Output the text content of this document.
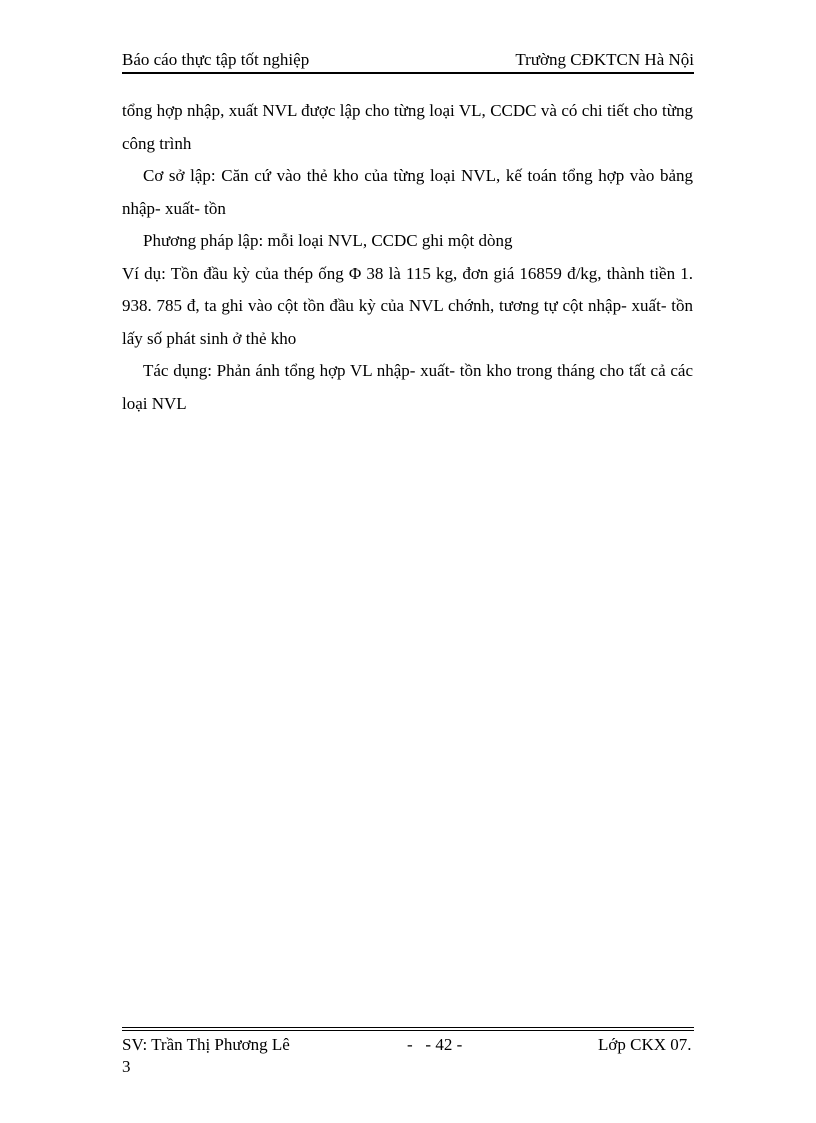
Báo cáo thực tập tốt nghiệp	Trường CĐKTCN Hà Nội

tổng hợp nhập, xuất NVL được lập cho từng loại VL, CCDC và có chi tiết cho từng công trình

Cơ sở lập: Căn cứ vào thẻ kho của từng loại NVL, kế toán tổng hợp vào bảng nhập- xuất- tồn

Phương pháp lập: mỗi loại NVL, CCDC ghi một dòng

Ví dụ: Tồn đầu kỳ của thép ống Φ 38 là 115 kg, đơn giá 16859 đ/kg, thành tiền 1. 938. 785 đ, ta ghi vào cột tồn đầu kỳ của NVL chớnh, tương tự cột nhập- xuất- tồn lấy số phát sinh ở thẻ kho

Tác dụng: Phản ánh tổng hợp VL nhập- xuất- tồn kho trong tháng cho tất cả các loại NVL

SV: Trần Thị Phương Lê	-   - 42 -	Lớp CKX 07.
3
